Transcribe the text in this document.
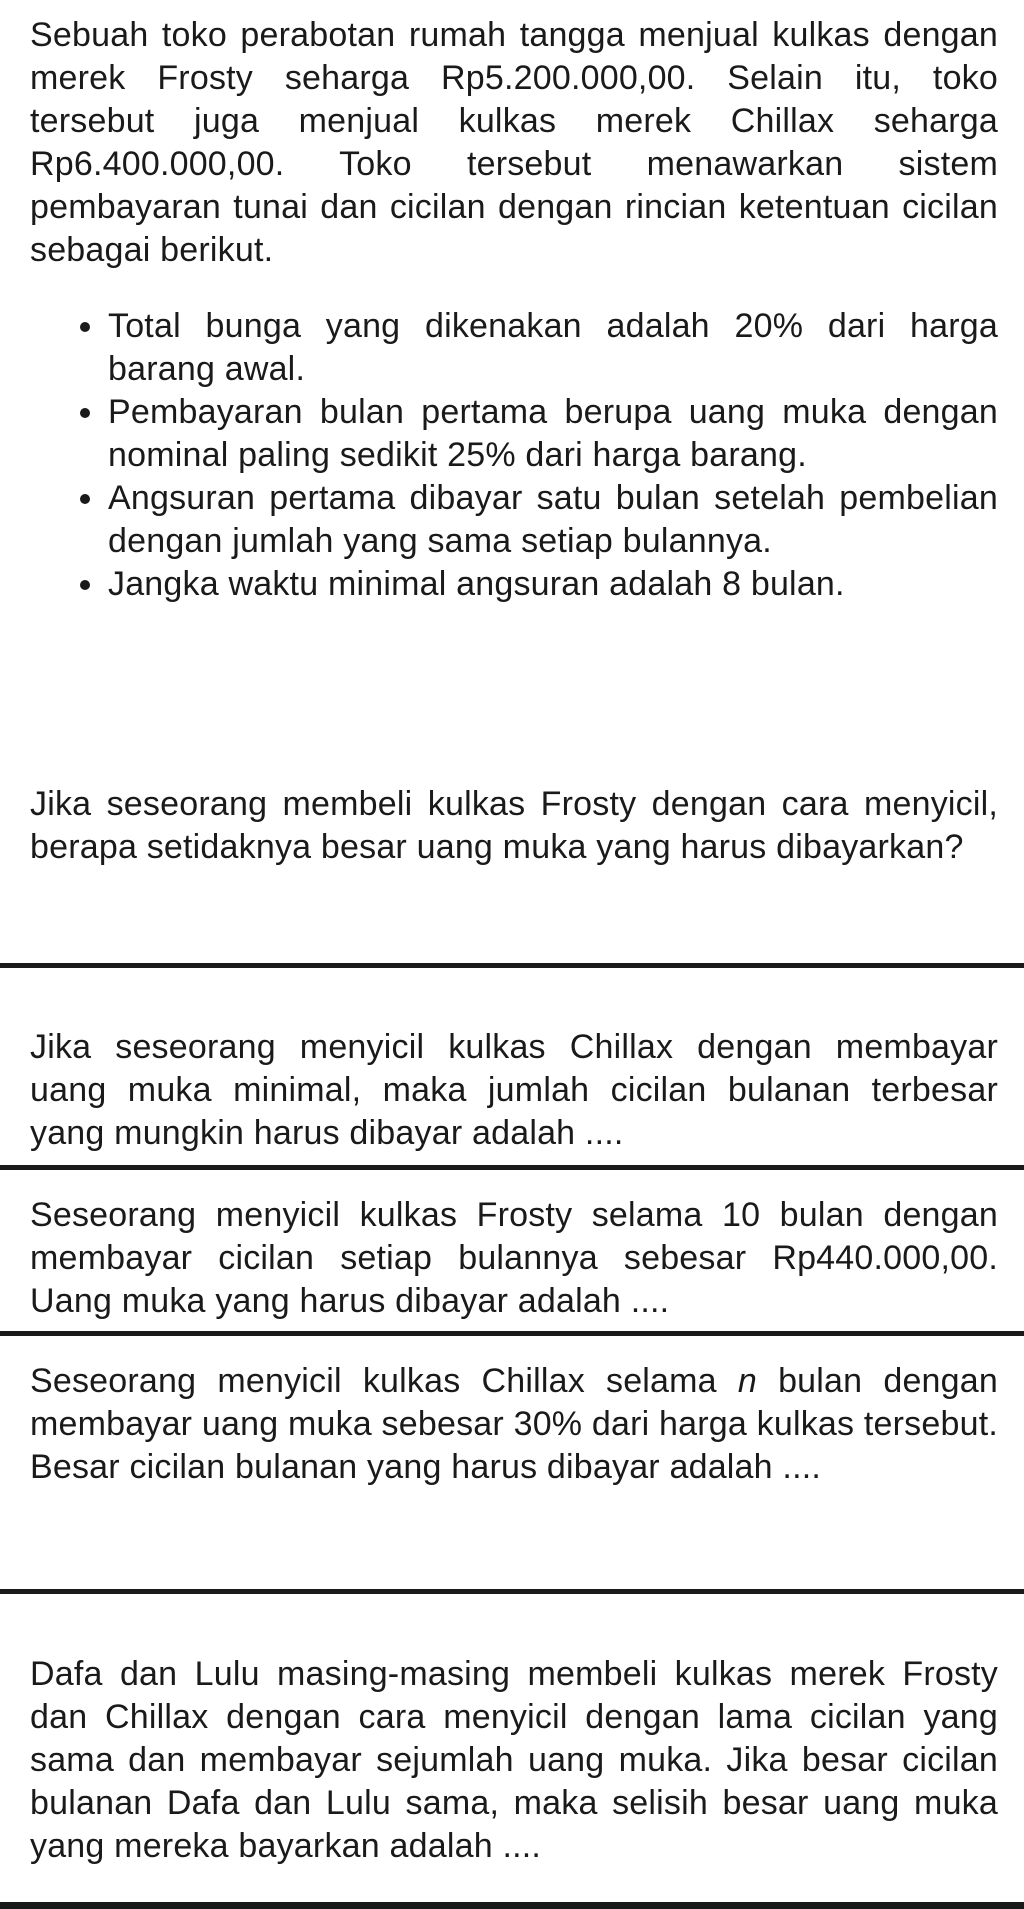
Sebuah toko perabotan rumah tangga menjual kulkas dengan merek Frosty seharga Rp5.200.000,00. Selain itu, toko tersebut juga menjual kulkas merek Chillax seharga Rp6.400.000,00. Toko tersebut menawarkan sistem pembayaran tunai dan cicilan dengan rincian ketentuan cicilan sebagai berikut.

Total bunga yang dikenakan adalah 20% dari harga barang awal.
Pembayaran bulan pertama berupa uang muka dengan nominal paling sedikit 25% dari harga barang.
Angsuran pertama dibayar satu bulan setelah pembelian dengan jumlah yang sama setiap bulannya.
Jangka waktu minimal angsuran adalah 8 bulan.

Jika seseorang membeli kulkas Frosty dengan cara menyicil, berapa setidaknya besar uang muka yang harus dibayarkan?

Jika seseorang menyicil kulkas Chillax dengan membayar uang muka minimal, maka jumlah cicilan bulanan terbesar yang mungkin harus dibayar adalah ....

Seseorang menyicil kulkas Frosty selama 10 bulan dengan membayar cicilan setiap bulannya sebesar Rp440.000,00. Uang muka yang harus dibayar adalah ....

Seseorang menyicil kulkas Chillax selama n bulan dengan membayar uang muka sebesar 30% dari harga kulkas tersebut. Besar cicilan bulanan yang harus dibayar adalah ....

Dafa dan Lulu masing-masing membeli kulkas merek Frosty dan Chillax dengan cara menyicil dengan lama cicilan yang sama dan membayar sejumlah uang muka. Jika besar cicilan bulanan Dafa dan Lulu sama, maka selisih besar uang muka yang mereka bayarkan adalah ....
